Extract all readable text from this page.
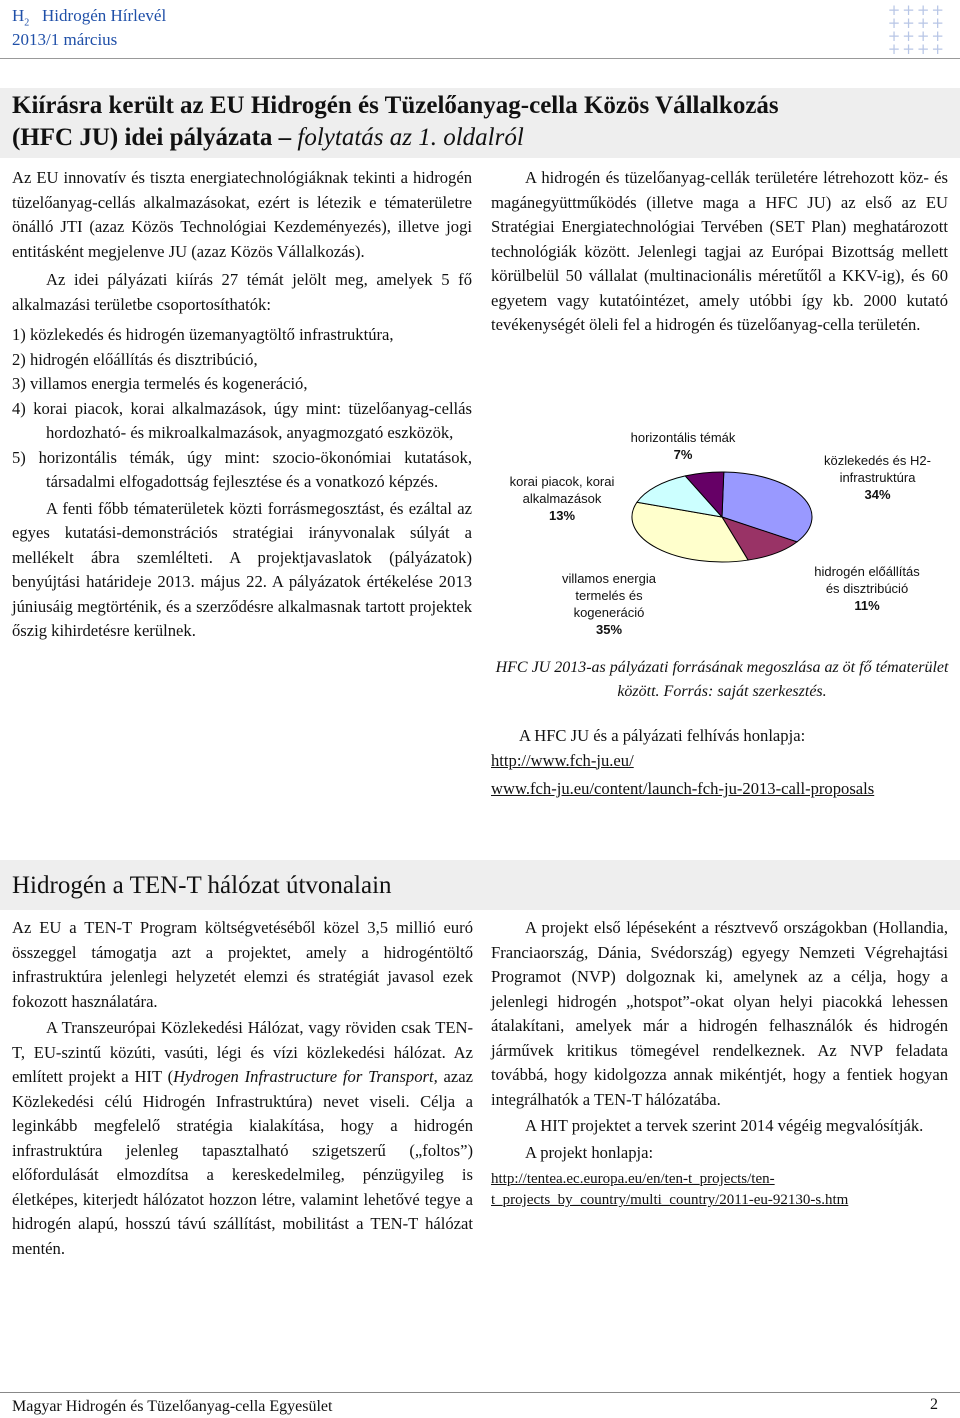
$H_2$ Hidrogén Hírlevél
2013/1 március
++++
++++
++++
++++
Kiírásra került az EU Hidrogén és Tüzelőanyag-cella Közös Vállalkozás
(HFC JU) idei pályázata – folytatás az 1. oldalról

Az EU innovatív és tiszta energiatechnológiáknak tekinti a hidrogén tüzelőanyag-cellás alkalmazásokat, ezért is létezik e tématerületre önálló JTI (azaz Közös Technológiai Kezdeményezés), illetve jogi entitásként megjelenve JU (azaz Közös Vállalkozás).

Az idei pályázati kiírás 27 témát jelölt meg, amelyek 5 fő alkalmazási területbe csoportosíthatók:

1) közlekedés és hidrogén üzemanyagtöltő infrastruktúra,

2) hidrogén előállítás és disztribúció,

3) villamos energia termelés és kogeneráció,

4) korai piacok, korai alkalmazások, úgy mint: tüzelőanyag-cellás hordozható- és mikroalkalmazások, anyagmozgató eszközök,

5) horizontális témák, úgy mint: szocio-ökonómiai kutatások, társadalmi elfogadottság fejlesztése és a vonatkozó képzés.

A fenti főbb tématerületek közti forrásmegosztást, és ezáltal az egyes kutatási-demonstrációs stratégiai irányvonalak súlyát a mellékelt ábra szemlélteti. A projektjavaslatok (pályázatok) benyújtási határideje 2013. május 22. A pályázatok értékelése 2013 júniusáig megtörténik, és a szerződésre alkalmasnak tartott projektek őszig kihirdetésre kerülnek.

A hidrogén és tüzelőanyag-cellák területére létrehozott köz- és magánegyüttműködés (illetve maga a HFC JU) az első az EU Stratégiai Energiatechnológiai Tervében (SET Plan) meghatározott technológiák között. Jelenlegi tagjai az Európai Bizottság mellett körülbelül 50 vállalat (multinacionális méretűtől a KKV-ig), és 60 egyetem vagy kutatóintézet, amely utóbbi így kb. 2000 kutató tevékenységét öleli fel a hidrogén és tüzelőanyag-cella területén.

horizontális témák
7%	közlekedés és H2-
infrastruktúra
34%
korai piacok, korai
alkalmazások
13%
hidrogén előállítás
és disztribúció
11%
villamos energia
termelés és
kogeneráció
35%
HFC JU 2013-as pályázati forrásának megoszlása az öt fő tématerület között. Forrás: saját szerkesztés.

A HFC JU és a pályázati felhívás honlapja:

http://www.fch-ju.eu/

www.fch-ju.eu/content/launch-fch-ju-2013-call-proposals

Hidrogén a TEN-T hálózat útvonalain

Az EU a TEN-T Program költségvetéséből közel 3,5 millió euró összeggel támogatja azt a projektet, amely a hidrogéntöltő infrastruktúra jelenlegi helyzetét elemzi és stratégiát javasol ezek fokozott használatára.

A Transzeurópai Közlekedési Hálózat, vagy röviden csak TEN-T, EU-szintű közúti, vasúti, légi és vízi közlekedési hálózat. Az említett projekt a HIT (Hydrogen Infrastructure for Transport, azaz Közlekedési célú Hidrogén Infrastruktúra) nevet viseli. Célja a leginkább megfelelő stratégia kialakítása, hogy a hidrogén infrastruktúra jelenleg tapasztalható szigetszerű („foltos”) előfordulását elmozdítsa a kereskedelmileg, pénzügyileg is életképes, kiterjedt hálózatot hozzon létre, valamint lehetővé tegye a hidrogén alapú, hosszú távú szállítást, mobilitást a TEN-T hálózat mentén.

A projekt első lépéseként a résztvevő országokban (Hollandia, Franciaország, Dánia, Svédország) egyegy Nemzeti Végrehajtási Programot (NVP) dolgoznak ki, amelynek az a célja, hogy a jelenlegi hidrogén „hotspot”-okat olyan helyi piacokká lehessen átalakítani, amelyek már a hidrogén felhasználók és hidrogén járművek kritikus tömegével rendelkeznek. Az NVP feladata továbbá, hogy kidolgozza annak mikéntjét, hogy a fentiek hogyan integrálhatók a TEN-T hálózatába.

A HIT projektet a tervek szerint 2014 végéig megvalósítják.

A projekt honlapja:

http://tentea.ec.europa.eu/en/ten-t_projects/ten-
t_projects_by_country/multi_country/2011-eu-92130-s.htm
Magyar Hidrogén és Tüzelőanyag-cella Egyesület	2
